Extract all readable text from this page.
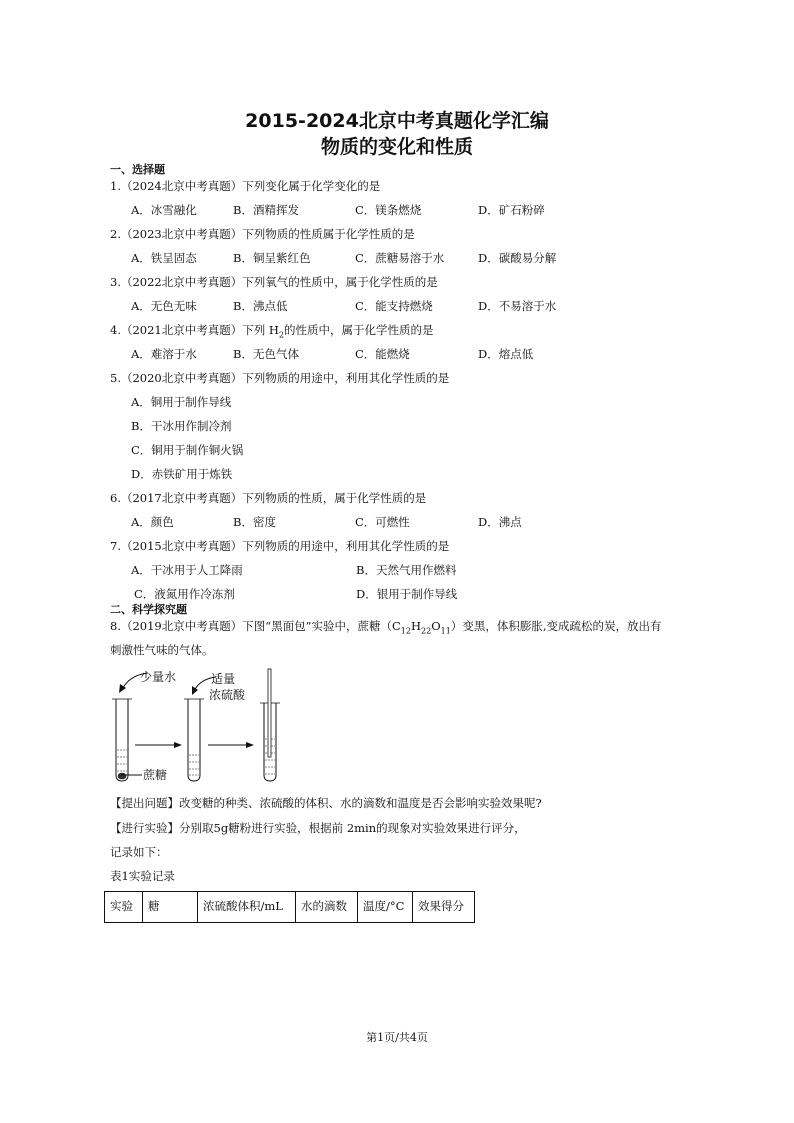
2015-2024北京中考真题化学汇编
物质的变化和性质
一、选择题
1.（2024北京中考真题）下列变化属于化学变化的是
A．冰雪融化	B．酒精挥发	C．镁条燃烧	D．矿石粉碎
2.（2023北京中考真题）下列物质的性质属于化学性质的是
A．铁呈固态	B．铜呈紫红色	C．蔗糖易溶于水	D．碳酸易分解
3.（2022北京中考真题）下列氧气的性质中，属于化学性质的是
A．无色无味	B．沸点低	C．能支持燃烧	D．不易溶于水
4.（2021北京中考真题）下列 $H_2$的性质中，属于化学性质的是
A．难溶于水	B．无色气体	C．能燃烧	D．熔点低
5.（2020北京中考真题）下列物质的用途中，利用其化学性质的是
A．铜用于制作导线
B．干冰用作制冷剂
C．铜用于制作铜火锅
D．赤铁矿用于炼铁
6.（2017北京中考真题）下列物质的性质，属于化学性质的是
A．颜色	B．密度	C．可燃性	D．沸点
7.（2015北京中考真题）下列物质的用途中，利用其化学性质的是
A．干冰用于人工降雨	B．天然气用作燃料
C．液氮用作冷冻剂	D．银用于制作导线
二、科学探究题
8.（2019北京中考真题）下图“黑面包”实验中，蔗糖$(C_{12}H_{22}O_{11})$变黑，体积膨胀,变成疏松的炭，放出有
刺激性气味的气体。
少量水
蔗糖
适量
浓硫酸
【提出问题】改变糖的种类、浓硫酸的体积、水的滴数和温度是否会影响实验效果呢?
【进行实验】分别取5g糖粉进行实验，根据前 2min的现象对实验效果进行评分，
记录如下：
表1实验记录
实验	糖	浓硫酸体积/mL	水的滴数	温度/°C	效果得分
第1页/共4页
